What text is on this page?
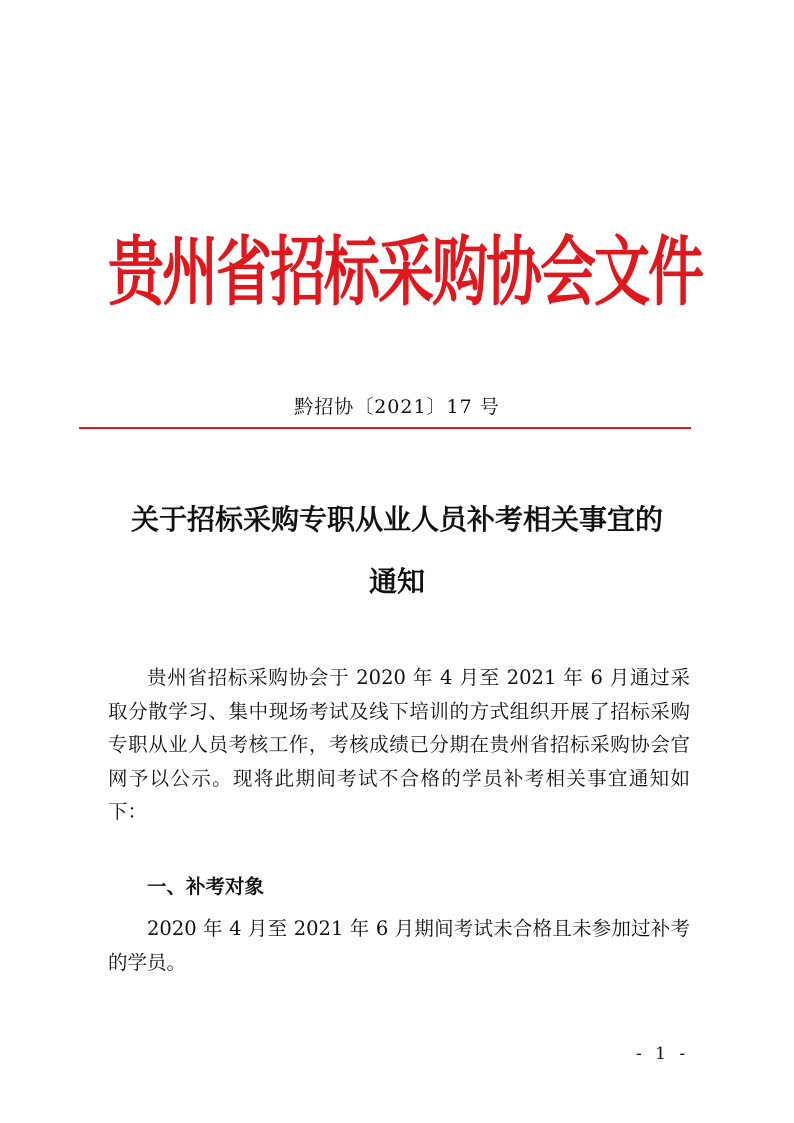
贵州省招标采购协会文件
黔招协〔2021〕17 号
关于招标采购专职从业人员补考相关事宜的
通知

贵州省招标采购协会于 2020 年 4 月至 2021 年 6 月通过采取分散学习、集中现场考试及线下培训的方式组织开展了招标采购专职从业人员考核工作，考核成绩已分期在贵州省招标采购协会官网予以公示。现将此期间考试不合格的学员补考相关事宜通知如下：

一、补考对象

2020 年 4 月至 2021 年 6 月期间考试未合格且未参加过补考的学员。

- 1 -
